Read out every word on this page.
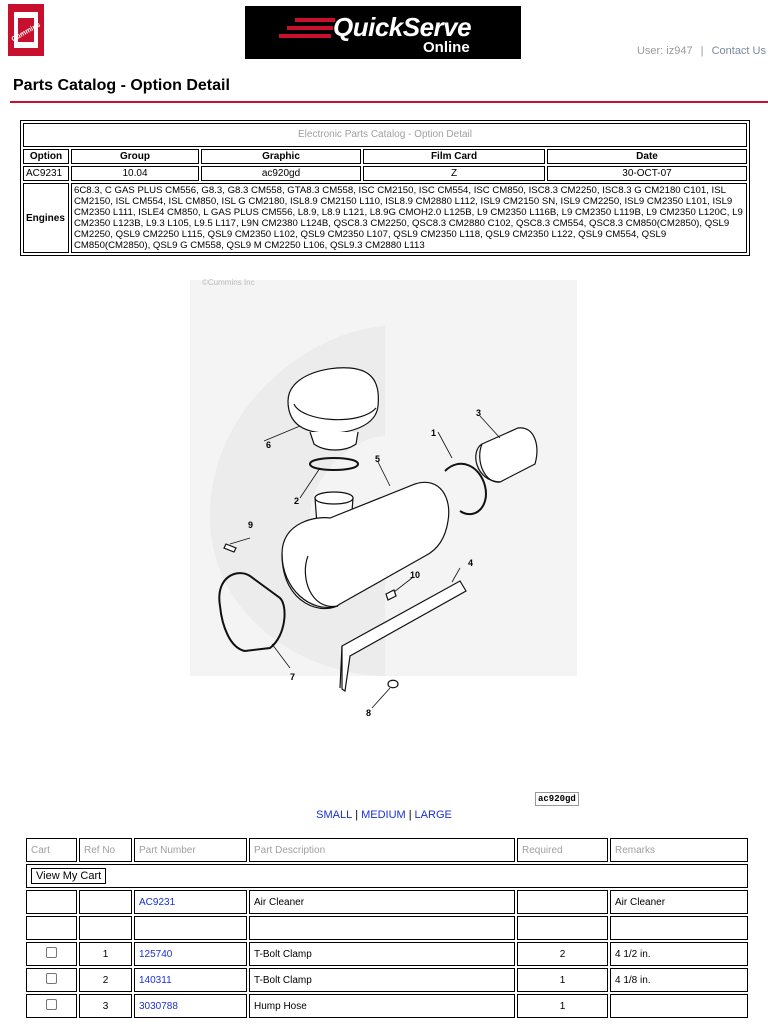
Cummins	QuickServe
Online	User: iz947 | Contact Us
Parts Catalog - Option Detail
Electronic Parts Catalog - Option Detail				
Option	Group	Graphic	Film Card	Date
AC9231	10.04	ac920gd	Z	30-OCT-07
Engines	6C8.3, C GAS PLUS CM556, G8.3, G8.3 CM558, GTA8.3 CM558, ISC CM2150, ISC CM554, ISC CM850, ISC8.3 CM2250, ISC8.3 G CM2180 C101, ISL CM2150, ISL CM554, ISL CM850, ISL G CM2180, ISL8.9 CM2150 L110, ISL8.9 CM2880 L112, ISL9 CM2150 SN, ISL9 CM2250, ISL9 CM2350 L101, ISL9 CM2350 L111, ISLE4 CM850, L GAS PLUS CM556, L8.9, L8.9 L121, L8.9G CMOH2.0 L125B, L9 CM2350 L116B, L9 CM2350 L119B, L9 CM2350 L120C, L9 CM2350 L123B, L9.3 L105, L9.5 L117, L9N CM2380 L124B, QSC8.3 CM2250, QSC8.3 CM2880 C102, QSC8.3 CM554, QSC8.3 CM850(CM2850), QSL9 CM2250, QSL9 CM2250 L115, QSL9 CM2350 L102, QSL9 CM2350 L107, QSL9 CM2350 L118, QSL9 CM2350 L122, QSL9 CM554, QSL9 CM850(CM2850), QSL9 G CM558, QSL9 M CM2250 L106, QSL9.3 CM2880 L113			
©Cummins Inc
6
2
1
3
5
4
9
10
7
8
ac920gd
SMALL | MEDIUM | LARGE
Cart	Ref No	Part Number	Part Description	Required	Remarks
View My Cart					
		AC9231	Air Cleaner		Air Cleaner

	1	125740	T-Bolt Clamp	2	4 1/2 in.
	2	140311	T-Bolt Clamp	1	4 1/8 in.
	3	3030788	Hump Hose	1	
